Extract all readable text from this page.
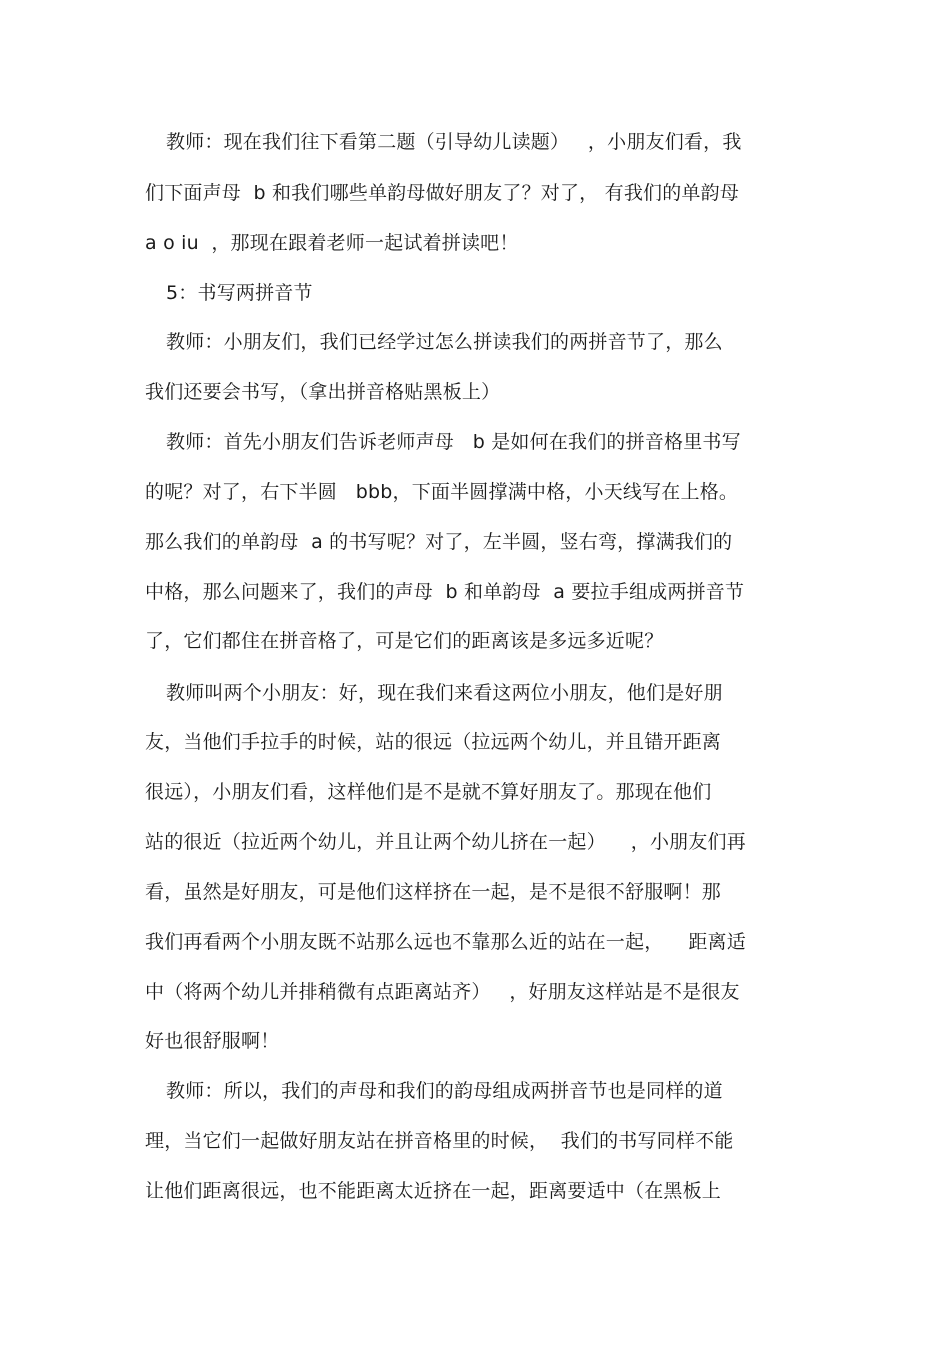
教师：现在我们往下看第二题（引导幼儿读题）   ，小朋友们看，我
们下面声母  b 和我们哪些单韵母做好朋友了？对了， 有我们的单韵母
a o iu  ，那现在跟着老师一起试着拼读吧！
5：书写两拼音节
教师：小朋友们，我们已经学过怎么拼读我们的两拼音节了，那么
我们还要会书写，（拿出拼音格贴黑板上）
教师：首先小朋友们告诉老师声母   b 是如何在我们的拼音格里书写
的呢？对了，右下半圆   bbb，下面半圆撑满中格，小天线写在上格。
那么我们的单韵母  a 的书写呢？对了，左半圆，竖右弯，撑满我们的
中格，那么问题来了，我们的声母  b 和单韵母  a 要拉手组成两拼音节
了，它们都住在拼音格了，可是它们的距离该是多远多近呢？
教师叫两个小朋友：好，现在我们来看这两位小朋友，他们是好朋
友，当他们手拉手的时候，站的很远（拉远两个幼儿，并且错开距离
很远），小朋友们看，这样他们是不是就不算好朋友了。那现在他们
站的很近（拉近两个幼儿，并且让两个幼儿挤在一起）    ，小朋友们再
看，虽然是好朋友，可是他们这样挤在一起，是不是很不舒服啊！那
我们再看两个小朋友既不站那么远也不靠那么近的站在一起，    距离适
中（将两个幼儿并排稍微有点距离站齐）   ，好朋友这样站是不是很友
好也很舒服啊！
教师：所以，我们的声母和我们的韵母组成两拼音节也是同样的道
理，当它们一起做好朋友站在拼音格里的时候，  我们的书写同样不能
让他们距离很远，也不能距离太近挤在一起，距离要适中（在黑板上
